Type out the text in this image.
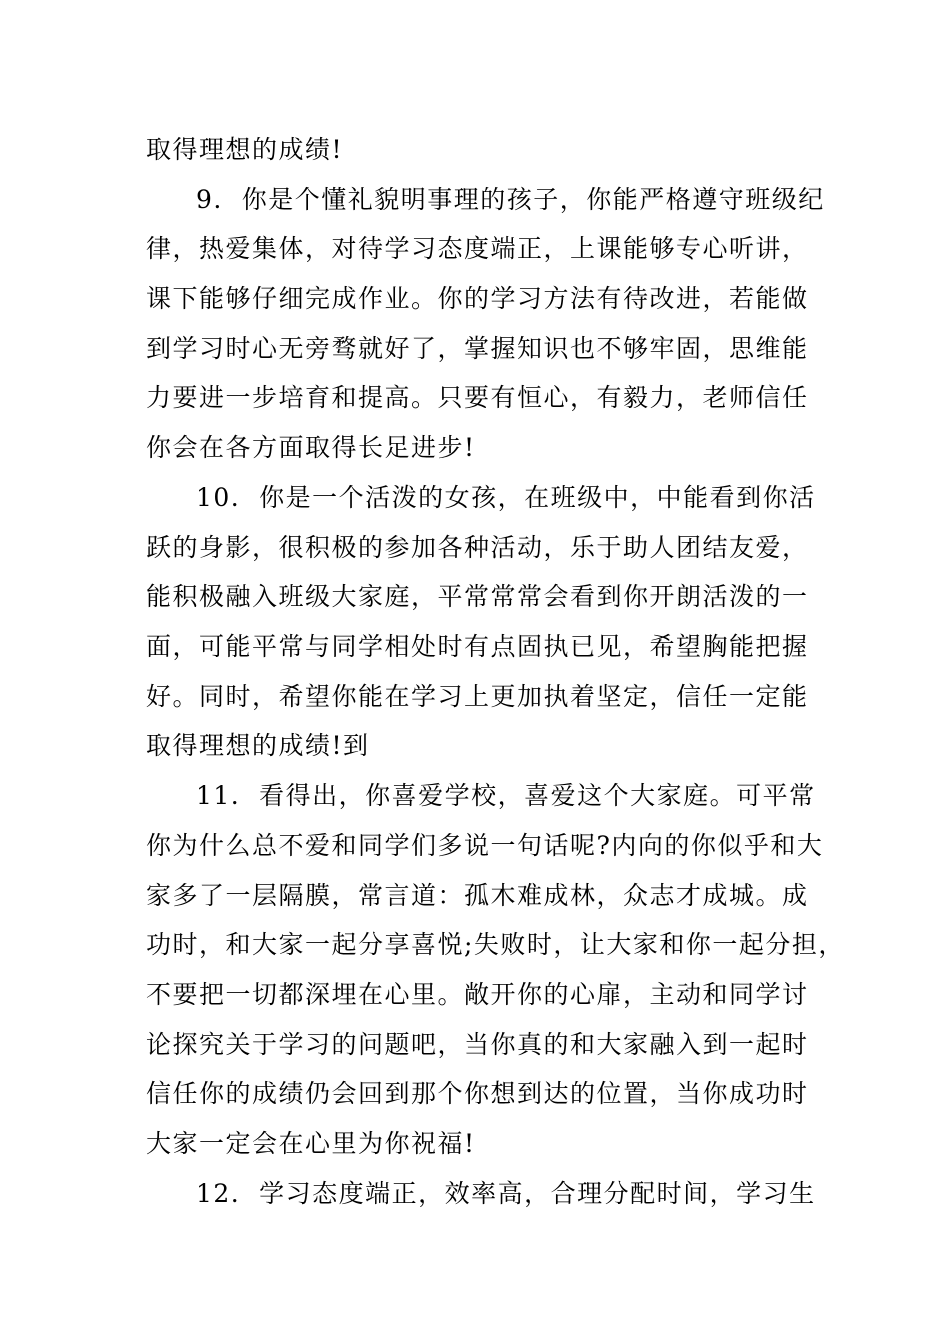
取得理想的成绩!
9.  你是个懂礼貌明事理的孩子，你能严格遵守班级纪
律，热爱集体，对待学习态度端正，上课能够专心听讲，
课下能够仔细完成作业。你的学习方法有待改进，若能做
到学习时心无旁骛就好了，掌握知识也不够牢固，思维能
力要进一步培育和提高。只要有恒心，有毅力，老师信任
你会在各方面取得长足进步!
10.  你是一个活泼的女孩，在班级中，中能看到你活
跃的身影，很积极的参加各种活动，乐于助人团结友爱，
能积极融入班级大家庭，平常常常会看到你开朗活泼的一
面，可能平常与同学相处时有点固执已见，希望胸能把握
好。同时，希望你能在学习上更加执着坚定，信任一定能
取得理想的成绩!到
11.  看得出，你喜爱学校，喜爱这个大家庭。可平常
你为什么总不爱和同学们多说一句话呢?内向的你似乎和大
家多了一层隔膜，常言道：孤木难成林，众志才成城。成
功时，和大家一起分享喜悦;失败时，让大家和你一起分担，
不要把一切都深埋在心里。敞开你的心扉，主动和同学讨
论探究关于学习的问题吧，当你真的和大家融入到一起时
信任你的成绩仍会回到那个你想到达的位置，当你成功时
大家一定会在心里为你祝福!
12.  学习态度端正，效率高，合理分配时间，学习生
